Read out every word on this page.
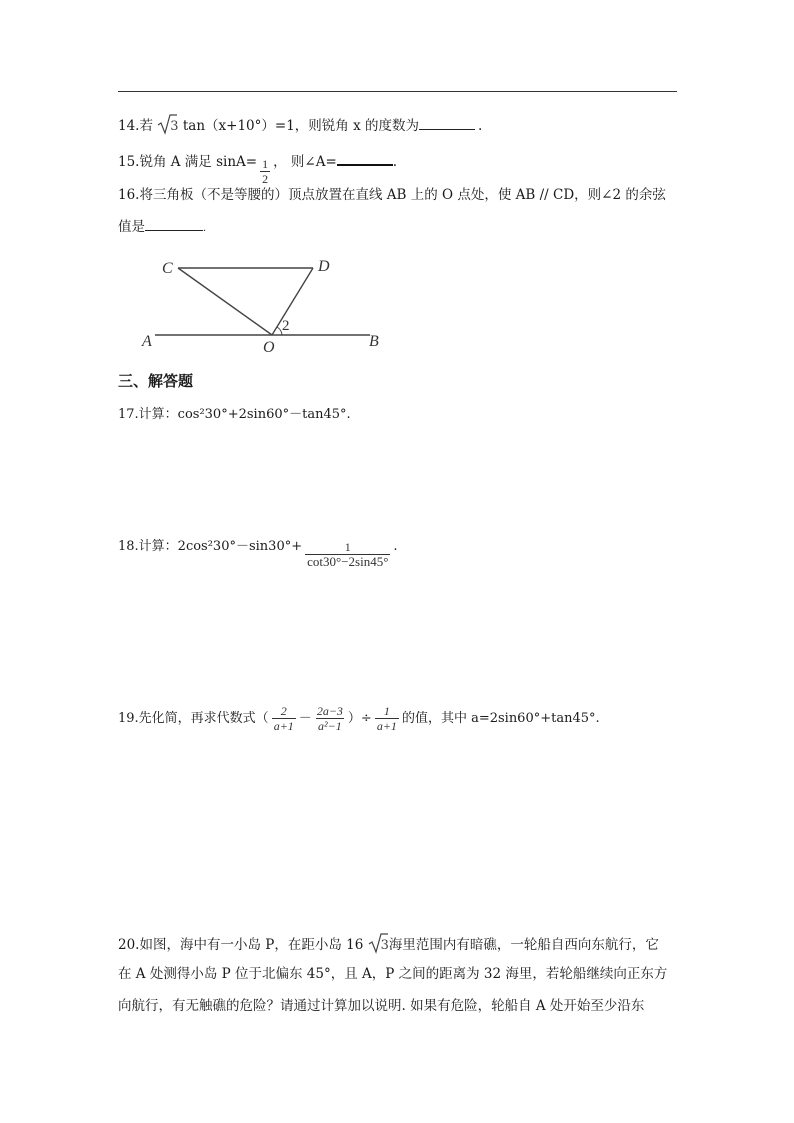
14.若 3 tan（x+10°）=1，则锐角 x 的度数为	.
15.锐角 A 满足 $\sin A= \frac{1}{2}$ ， 则∠A=	.
16.将三角板（不是等腰的）顶点放置在直线 AB 上的 O 点处，使 AB // CD，则∠2 的余弦
值是	.
C	D
A	O	B
2
三、解答题
17.计算：cos²30°+2sin60°－tan45°.
18.计算：$2\cos^230^\circ-\sin 30^\circ+ \frac{1}{\cot 30^\circ-2\sin 45^\circ}$ .
19.先化简，再求代数式（ $\frac{2}{a+1} - \frac{2a-3}{\text{a²−1}}$ ）÷ $\frac{1}{a+1}$ 的值，其中 a=2sin60°+tan45°.
20.如图，海中有一小岛 P，在距小岛 16 3海里范围内有暗礁，一轮船自西向东航行，它
在 A 处测得小岛 P 位于北偏东 45°，且 A，P 之间的距离为 32 海里，若轮船继续向正东方
向航行，有无触礁的危险？请通过计算加以说明. 如果有危险，轮船自 A 处开始至少沿东
